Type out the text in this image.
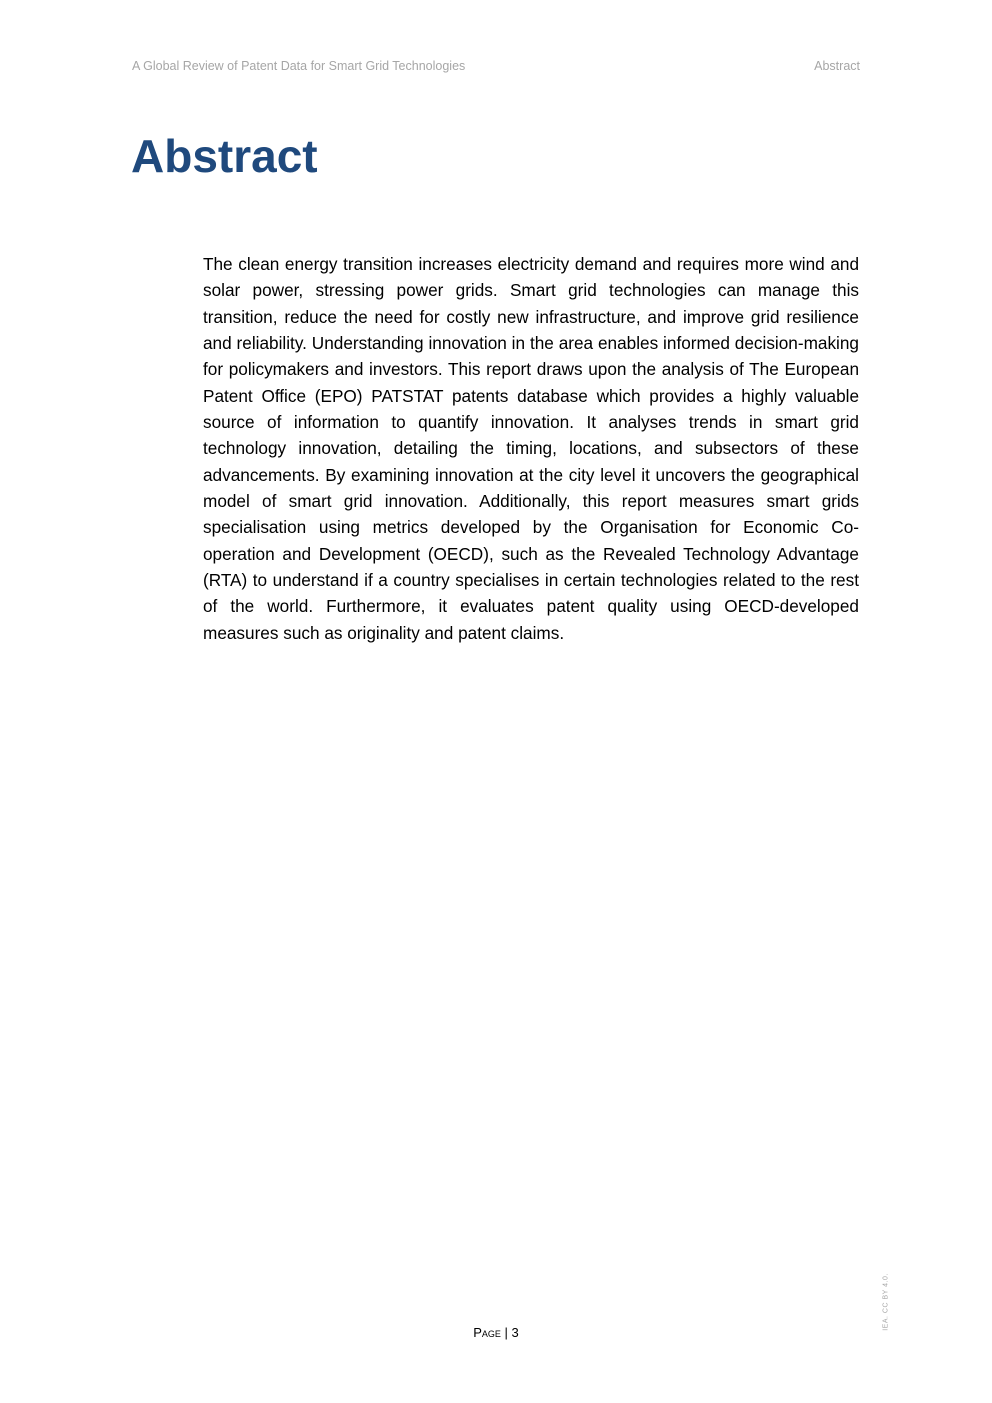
A Global Review of Patent Data for Smart Grid Technologies	Abstract
Abstract

The clean energy transition increases electricity demand and requires more wind and solar power, stressing power grids. Smart grid technologies can manage this transition, reduce the need for costly new infrastructure, and improve grid resilience and reliability. Understanding innovation in the area enables informed decision-making for policymakers and investors. This report draws upon the analysis of The European Patent Office (EPO) PATSTAT patents database which provides a highly valuable source of information to quantify innovation. It analyses trends in smart grid technology innovation, detailing the timing, locations, and subsectors of these advancements. By examining innovation at the city level it uncovers the geographical model of smart grid innovation. Additionally, this report measures smart grids specialisation using metrics developed by the Organisation for Economic Co-operation and Development (OECD), such as the Revealed Technology Advantage (RTA) to understand if a country specialises in certain technologies related to the rest of the world. Furthermore, it evaluates patent quality using OECD-developed measures such as originality and patent claims.

Page | 3
IEA. CC BY 4.0.
